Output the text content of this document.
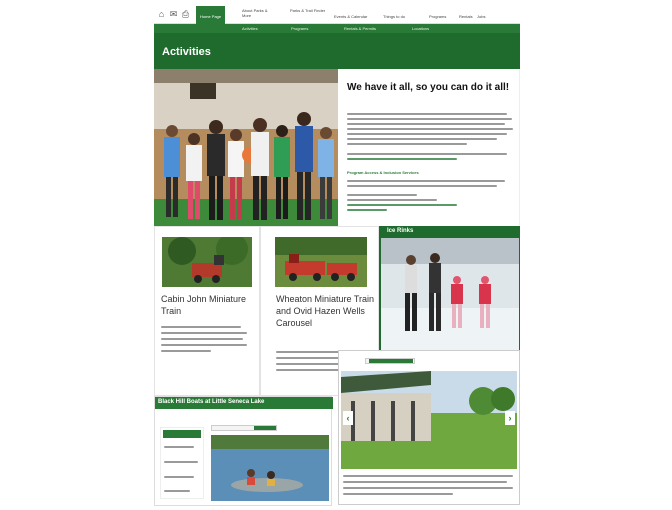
⌂ ✉ ⎙	Home Page
About Parks & More
Parks & Trail Finder
Events & Calendar	Things to do	Programs	Rentals Jobs
Activities	Programs	Rentals & Permits	Locations
Activities
We have it all, so you can do it all!
Program Access & Inclusion Services
Cabin John Miniature Train
Wheaton Miniature Train and Ovid Hazen Wells Carousel
Ice Rinks
Black Hill Boats at Little Seneca Lake
‹	›
